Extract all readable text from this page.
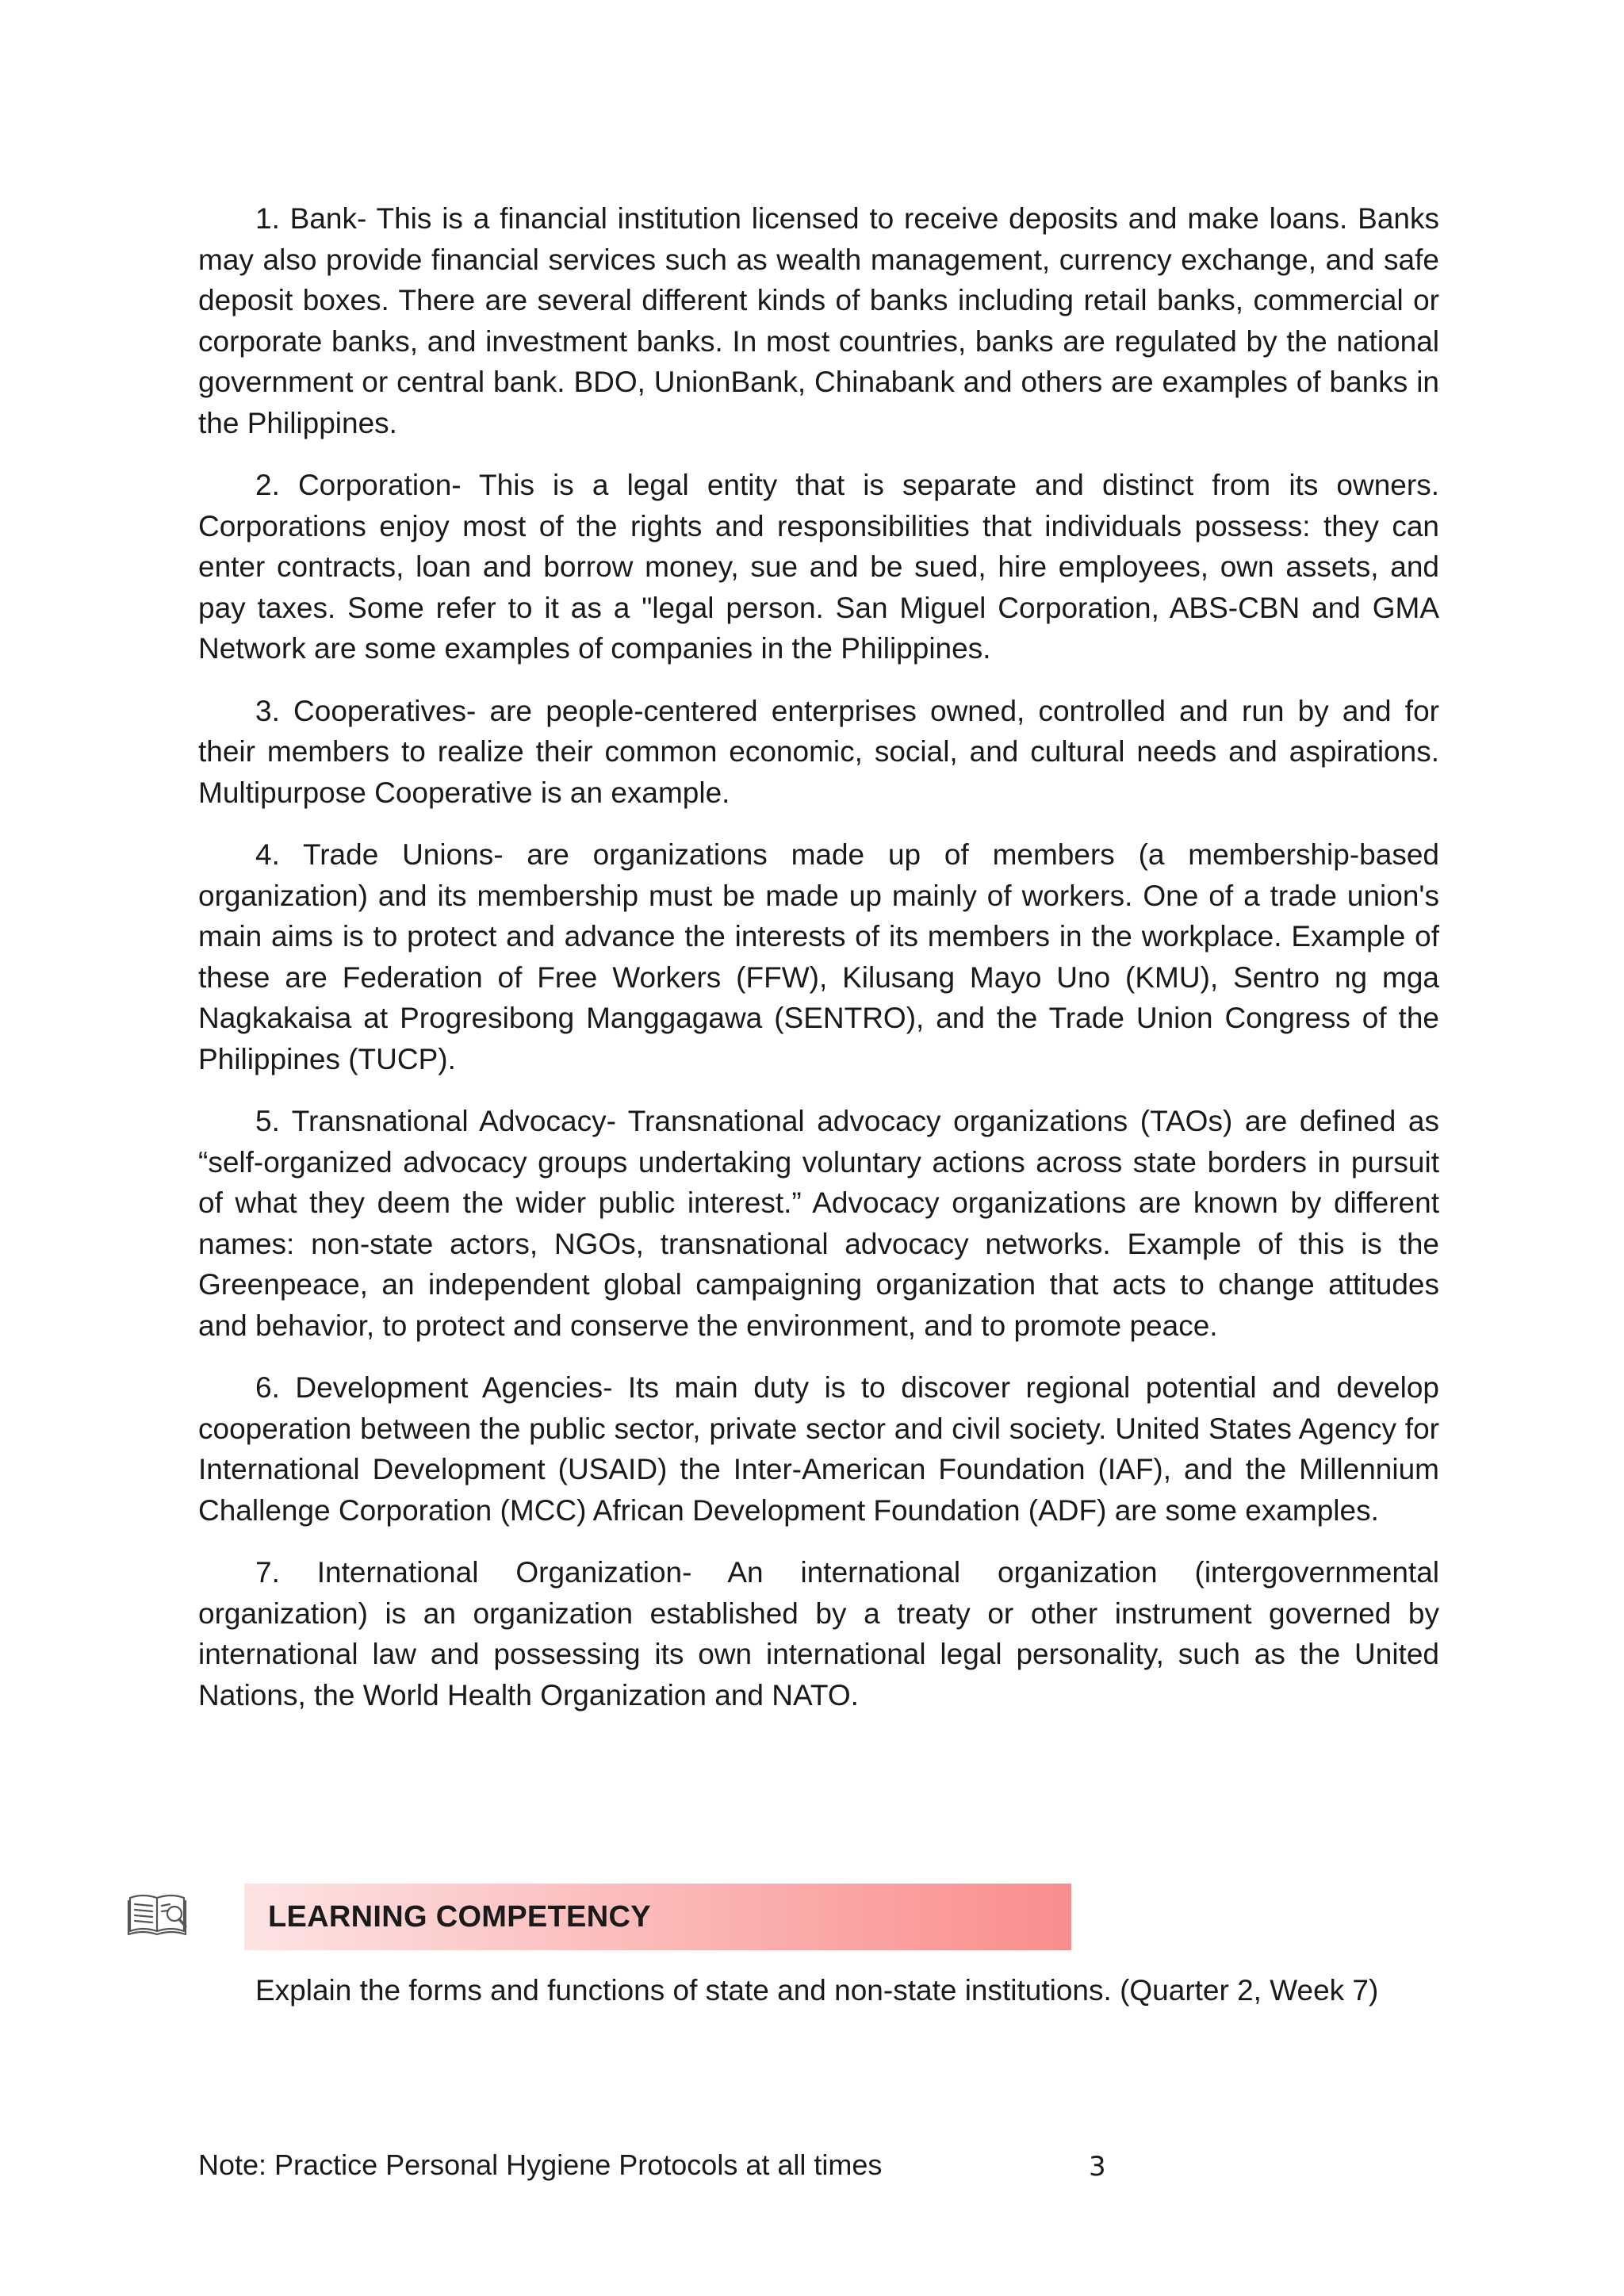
1. Bank- This is a financial institution licensed to receive deposits and make loans. Banks may also provide financial services such as wealth management, currency exchange, and safe deposit boxes. There are several different kinds of banks including retail banks, commercial or corporate banks, and investment banks. In most countries, banks are regulated by the national government or central bank. BDO, UnionBank, Chinabank and others are examples of banks in the Philippines.

2. Corporation- This is a legal entity that is separate and distinct from its owners. Corporations enjoy most of the rights and responsibilities that individuals possess: they can enter contracts, loan and borrow money, sue and be sued, hire employees, own assets, and pay taxes. Some refer to it as a "legal person. San Miguel Corporation, ABS-CBN and GMA Network are some examples of companies in the Philippines.

3. Cooperatives- are people-centered enterprises owned, controlled and run by and for their members to realize their common economic, social, and cultural needs and aspirations. Multipurpose Cooperative is an example.

4. Trade Unions- are organizations made up of members (a membership-based organization) and its membership must be made up mainly of workers. One of a trade union's main aims is to protect and advance the interests of its members in the workplace. Example of these are Federation of Free Workers (FFW), Kilusang Mayo Uno (KMU), Sentro ng mga Nagkakaisa at Progresibong Manggagawa (SENTRO), and the Trade Union Congress of the Philippines (TUCP).

5. Transnational Advocacy- Transnational advocacy organizations (TAOs) are defined as “self-organized advocacy groups undertaking voluntary actions across state borders in pursuit of what they deem the wider public interest.” Advocacy organizations are known by different names: non-state actors, NGOs, transnational advocacy networks. Example of this is the Greenpeace, an independent global campaigning organization that acts to change attitudes and behavior, to protect and conserve the environment, and to promote peace.

6. Development Agencies- Its main duty is to discover regional potential and develop cooperation between the public sector, private sector and civil society. United States Agency for International Development (USAID) the Inter-American Foundation (IAF), and the Millennium Challenge Corporation (MCC) African Development Foundation (ADF) are some examples.

7. International Organization- An international organization (intergovernmental organization) is an organization established by a treaty or other instrument governed by international law and possessing its own international legal personality, such as the United Nations, the World Health Organization and NATO.

LEARNING COMPETENCY

Explain the forms and functions of state and non-state institutions. (Quarter 2, Week 7)

Note: Practice Personal Hygiene Protocols at all times	3
